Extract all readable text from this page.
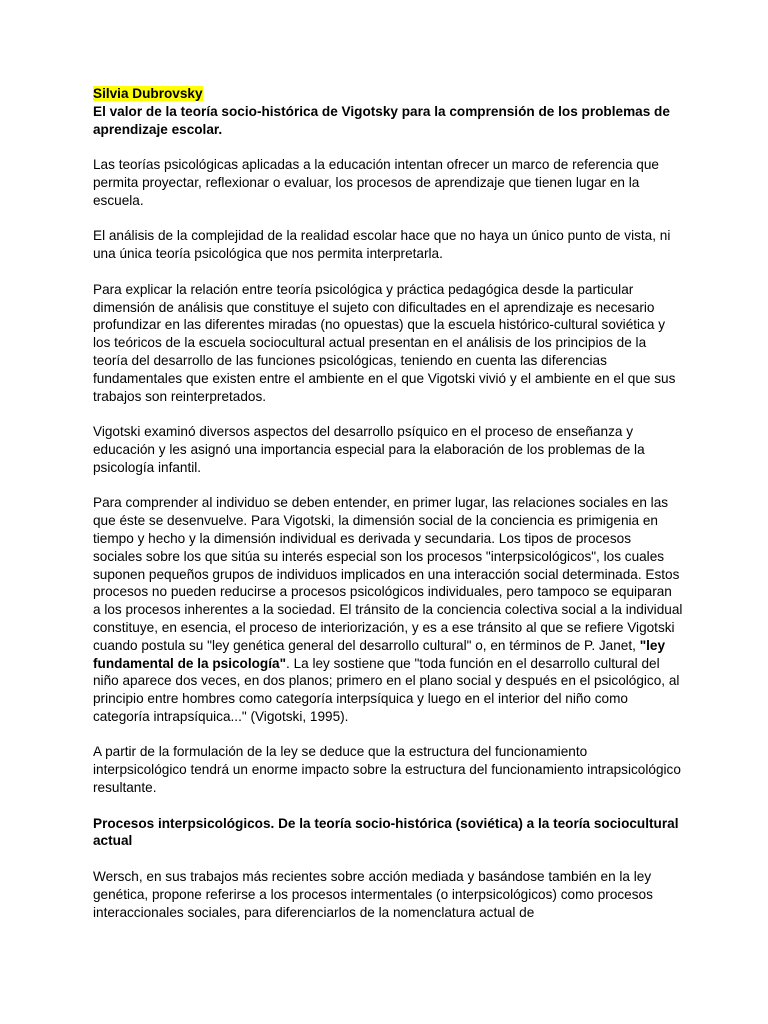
Silvia Dubrovsky

El valor de la teoría socio-histórica de Vigotsky para la comprensión de los problemas de aprendizaje escolar.

Las teorías psicológicas aplicadas a la educación intentan ofrecer un marco de referencia que permita proyectar, reflexionar o evaluar, los procesos de aprendizaje que tienen lugar en la escuela.

El análisis de la complejidad de la realidad escolar hace que no haya un único punto de vista, ni una única teoría psicológica que nos permita interpretarla.

Para explicar la relación entre teoría psicológica y práctica pedagógica desde la particular dimensión de análisis que constituye el sujeto con dificultades en el aprendizaje es necesario profundizar en las diferentes miradas (no opuestas) que la escuela histórico-cultural soviética y los teóricos de la escuela sociocultural actual presentan en el análisis de los principios de la teoría del desarrollo de las funciones psicológicas, teniendo en cuenta las diferencias fundamentales que existen entre el ambiente en el que Vigotski vivió y el ambiente en el que sus trabajos son reinterpretados.

Vigotski examinó diversos aspectos del desarrollo psíquico en el proceso de enseñanza y educación y les asignó una importancia especial para la elaboración de los problemas de la psicología infantil.

Para comprender al individuo se deben entender, en primer lugar, las relaciones sociales en las que éste se desenvuelve. Para Vigotski, la dimensión social de la conciencia es primigenia en tiempo y hecho y la dimensión individual es derivada y secundaria. Los tipos de procesos sociales sobre los que sitúa su interés especial son los procesos "interpsicológicos", los cuales suponen pequeños grupos de individuos implicados en una interacción social determinada. Estos procesos no pueden reducirse a procesos psicológicos individuales, pero tampoco se equiparan a los procesos inherentes a la sociedad. El tránsito de la conciencia colectiva social a la individual constituye, en esencia, el proceso de interiorización, y es a ese tránsito al que se refiere Vigotski cuando postula su "ley genética general del desarrollo cultural" o, en términos de P. Janet, "ley fundamental de la psicología". La ley sostiene que "toda función en el desarrollo cultural del niño aparece dos veces, en dos planos; primero en el plano social y después en el psicológico, al principio entre hombres como categoría interpsíquica y luego en el interior del niño como categoría intrapsíquica..." (Vigotski, 1995).

A partir de la formulación de la ley se deduce que la estructura del funcionamiento interpsicológico tendrá un enorme impacto sobre la estructura del funcionamiento intrapsicológico resultante.

Procesos interpsicológicos. De la teoría socio-histórica (soviética) a la teoría sociocultural actual

Wersch, en sus trabajos más recientes sobre acción mediada y basándose también en la ley genética, propone referirse a los procesos intermentales (o interpsicológicos) como procesos interaccionales sociales, para diferenciarlos de la nomenclatura actual de
